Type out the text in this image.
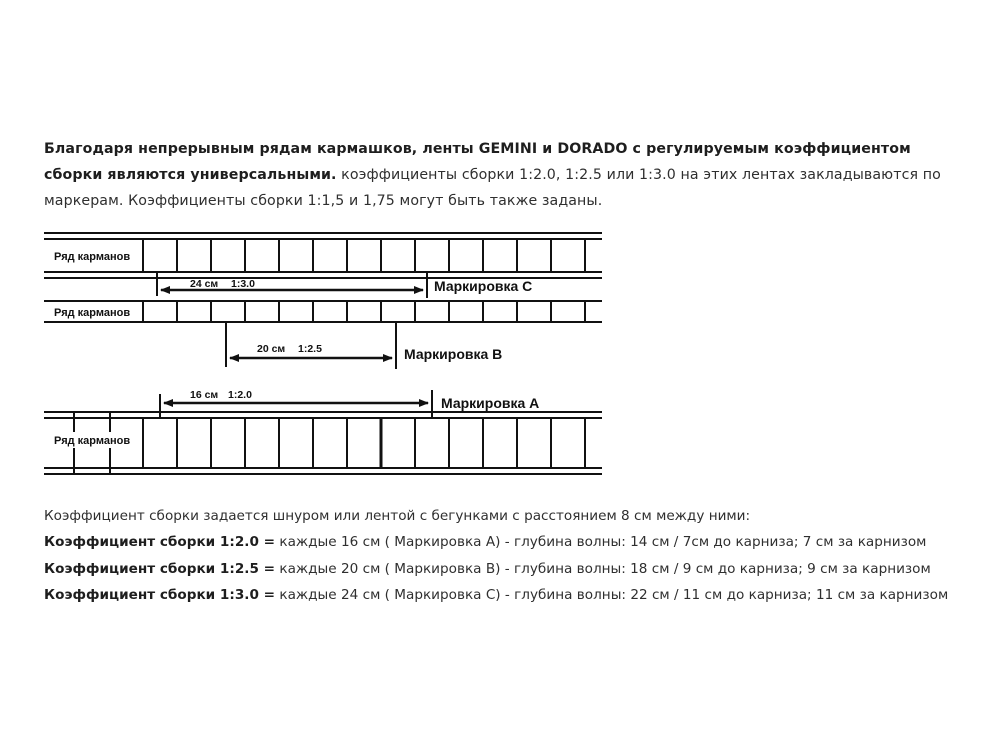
Благодаря непрерывным рядам кармашков, ленты GEMINI и DORADO с регулируемым коэффициентом сборки являются универсальными. коэффициенты сборки 1:2.0, 1:2.5 или 1:3.0 на этих лентах закладываются по маркерам. Коэффициенты сборки 1:1,5 и 1,75 могут быть также заданы.
Ряд карманов
24 см 1:3.0	Маркировка C
Ряд карманов
20 см 1:2.5	Маркировка B
16 см 1:2.0	Маркировка A
Ряд карманов

Коэффициент сборки задается шнуром или лентой с бегунками с расстоянием 8 см между ними:

Коэффициент сборки 1:2.0 = каждые 16 см ( Маркировка A) - глубина волны: 14 см / 7см до карниза; 7 см за карнизом

Коэффициент сборки 1:2.5 = каждые 20 см ( Маркировка B) - глубина волны: 18 см / 9 см до карниза; 9 см за карнизом

Коэффициент сборки 1:3.0 = каждые 24 см ( Маркировка C) - глубина волны: 22 см / 11 см до карниза; 11 см за карнизом
